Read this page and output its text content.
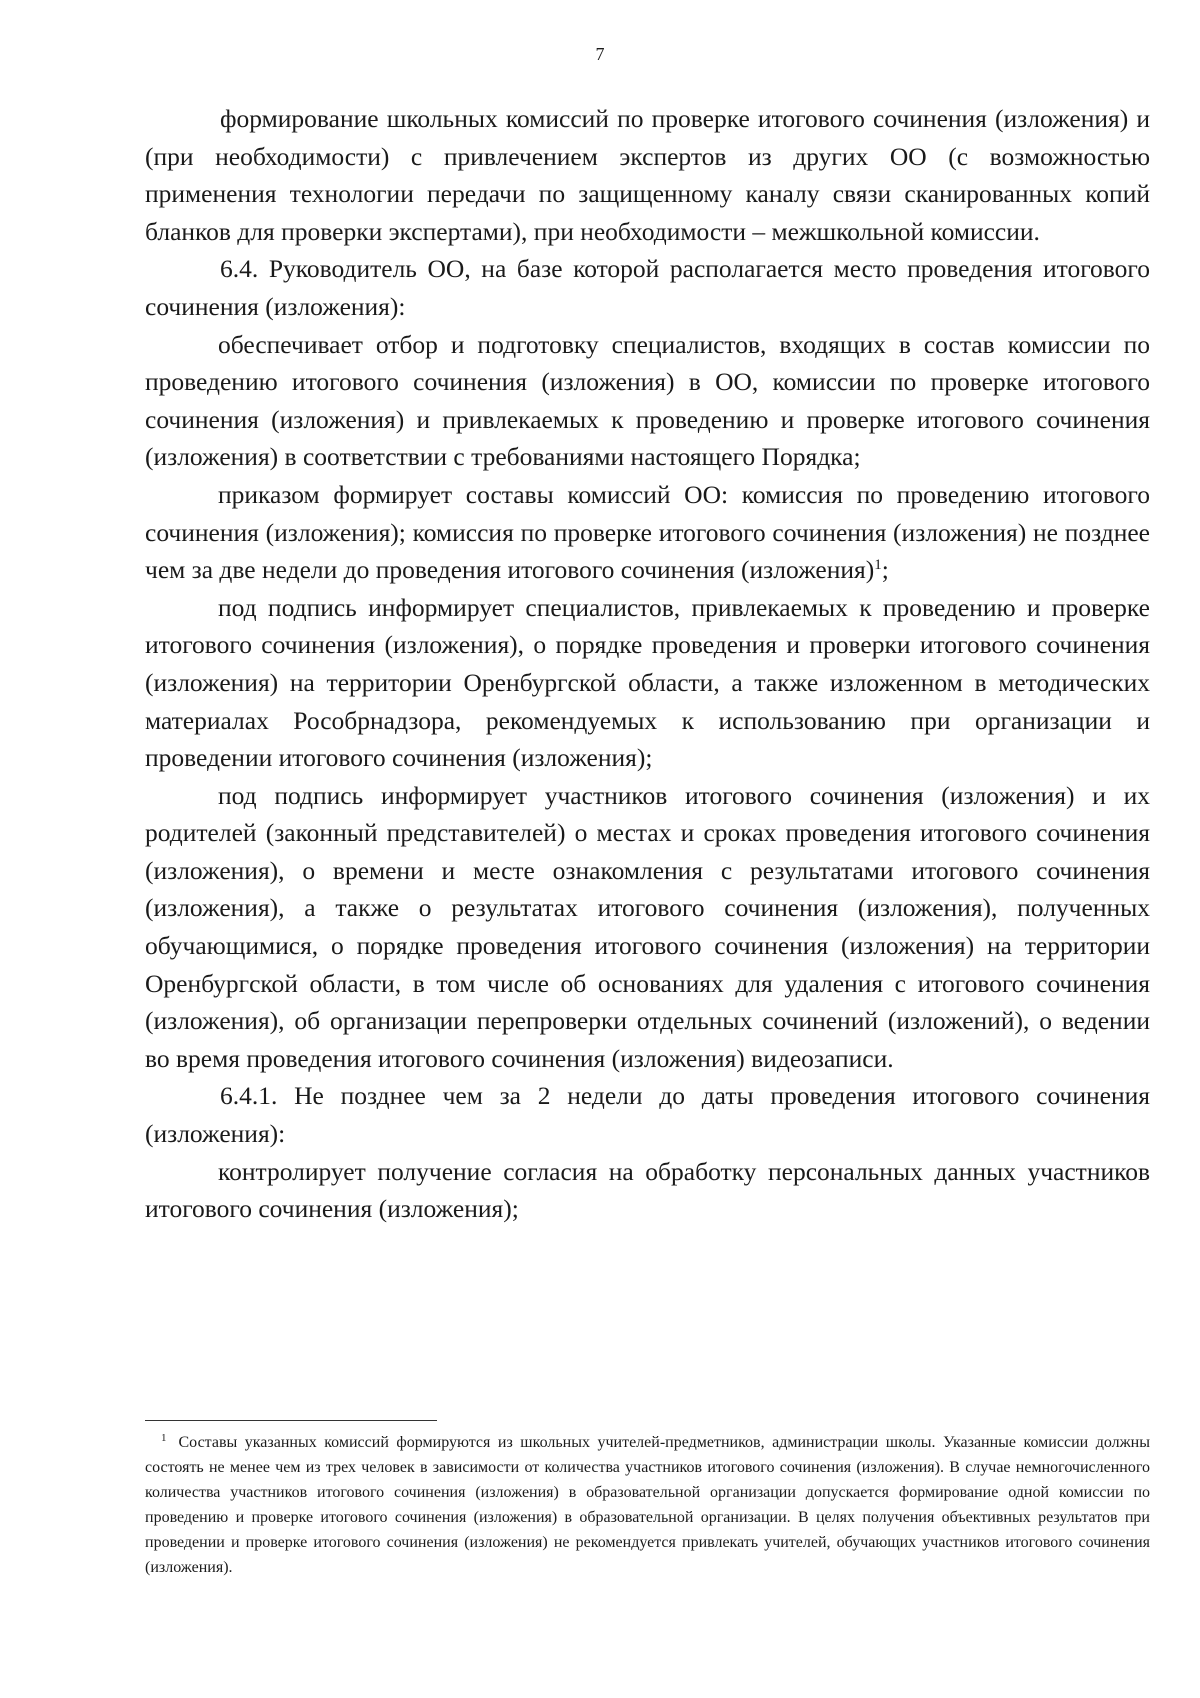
7

формирование школьных комиссий по проверке итогового сочинения (изложения) и (при необходимости) с привлечением экспертов из других ОО (с возможностью применения технологии передачи по защищенному каналу связи сканированных копий бланков для проверки экспертами), при необходимости – межшкольной комиссии.

6.4. Руководитель ОО, на базе которой располагается место проведения итогового сочинения (изложения):

обеспечивает отбор и подготовку специалистов, входящих в состав комиссии по проведению итогового сочинения (изложения) в ОО, комиссии по проверке итогового сочинения (изложения) и привлекаемых к проведению и проверке итогового сочинения (изложения) в соответствии с требованиями настоящего Порядка;

приказом формирует составы комиссий ОО: комиссия по проведению итогового сочинения (изложения); комиссия по проверке итогового сочинения (изложения) не позднее чем за две недели до проведения итогового сочинения (изложения)$^1$;

под подпись информирует специалистов, привлекаемых к проведению и проверке итогового сочинения (изложения), о порядке проведения и проверки итогового сочинения (изложения) на территории Оренбургской области, а также изложенном в методических материалах Рособрнадзора, рекомендуемых к использованию при организации и проведении итогового сочинения (изложения);

под подпись информирует участников итогового сочинения (изложения) и их родителей (законный представителей) о местах и сроках проведения итогового сочинения (изложения), о времени и месте ознакомления с результатами итогового сочинения (изложения), а также о результатах итогового сочинения (изложения), полученных обучающимися, о порядке проведения итогового сочинения (изложения) на территории Оренбургской области, в том числе об основаниях для удаления с итогового сочинения (изложения), об организации перепроверки отдельных сочинений (изложений), о ведении во время проведения итогового сочинения (изложения) видеозаписи.

6.4.1. Не позднее чем за 2 недели до даты проведения итогового сочинения (изложения):

контролирует получение согласия на обработку персональных данных участников итогового сочинения (изложения);

$^1$ Составы указанных комиссий формируются из школьных учителей-предметников, администрации школы. Указанные комиссии должны состоять не менее чем из трех человек в зависимости от количества участников итогового сочинения (изложения). В случае немногочисленного количества участников итогового сочинения (изложения) в образовательной организации допускается формирование одной комиссии по проведению и проверке итогового сочинения (изложения) в образовательной организации. В целях получения объективных результатов при проведении и проверке итогового сочинения (изложения) не рекомендуется привлекать учителей, обучающих участников итогового сочинения (изложения).
